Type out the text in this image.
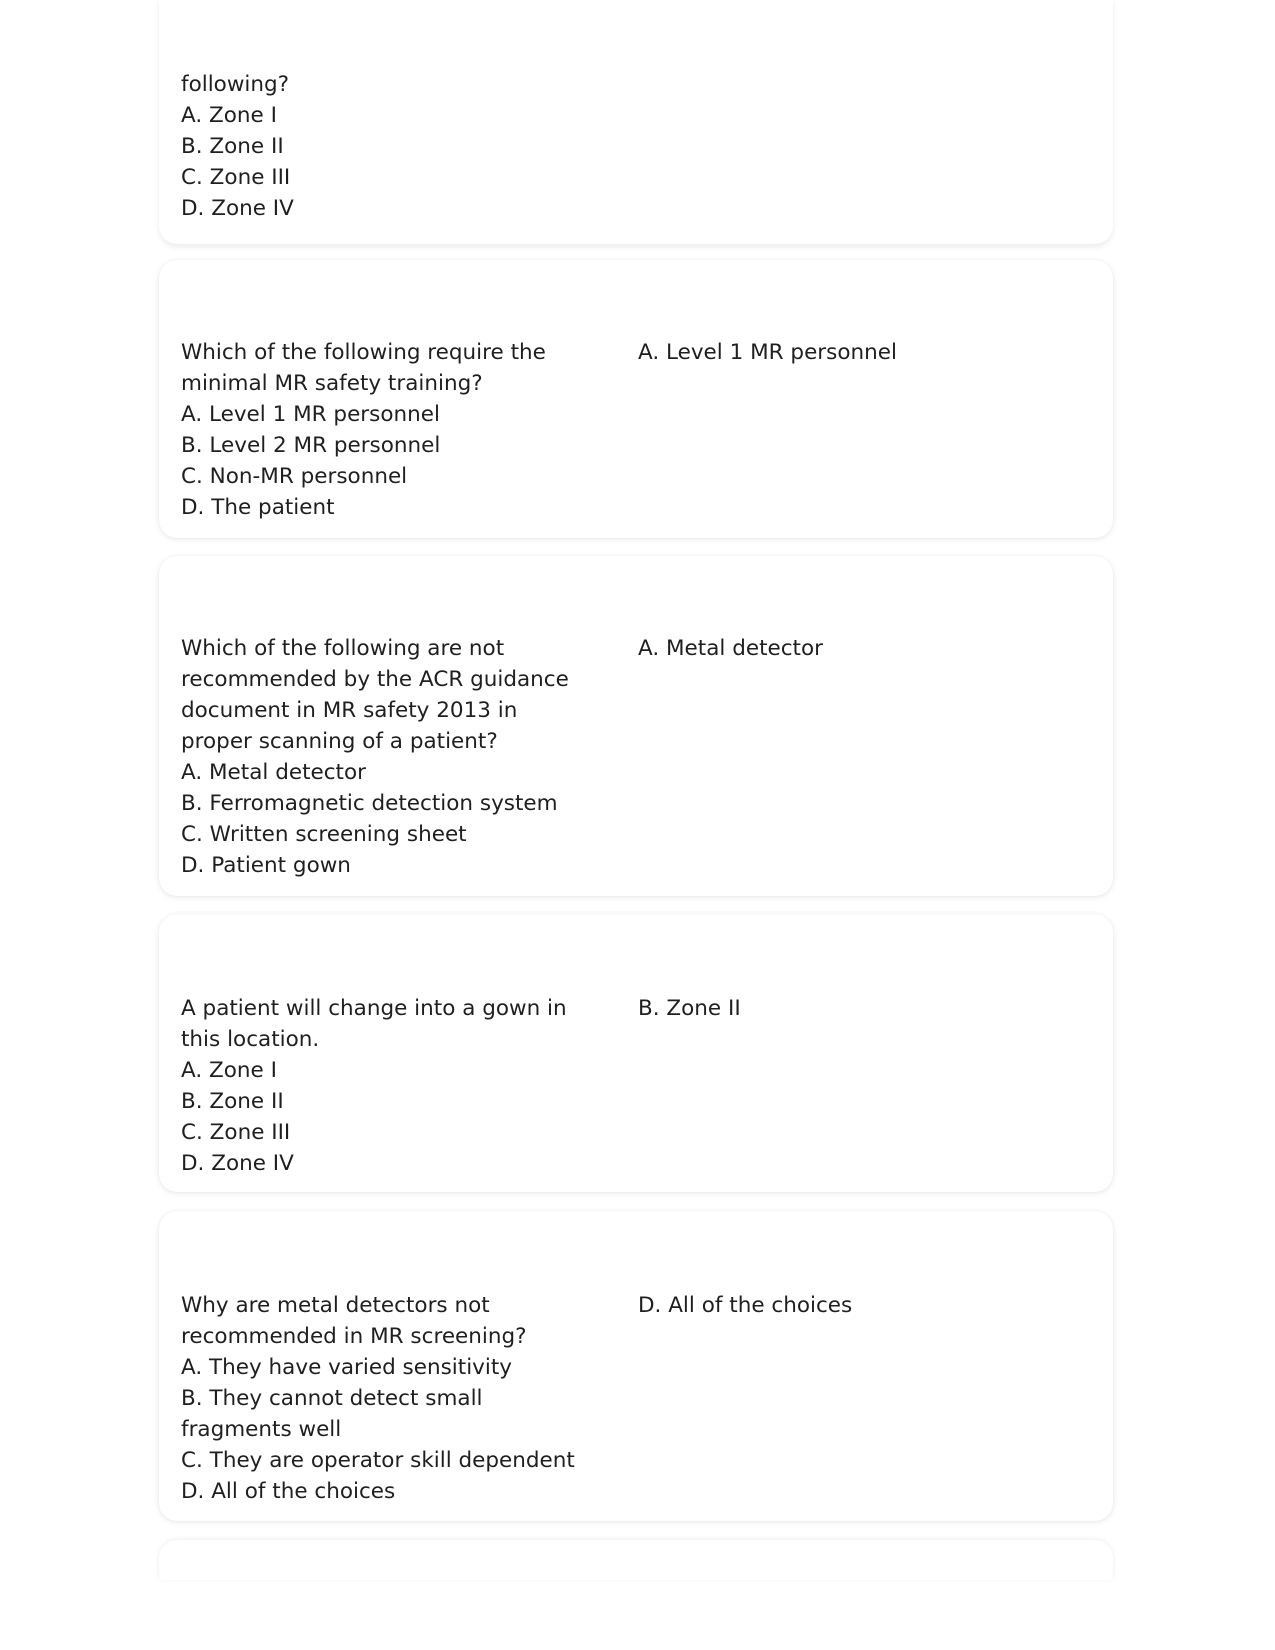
following?
A. Zone I
B. Zone II
C. Zone III
D. Zone IV
Which of the following require the minimal MR safety training?
A. Level 1 MR personnel
B. Level 2 MR personnel
C. Non-MR personnel
D. The patient
A. Level 1 MR personnel
Which of the following are not recommended by the ACR guidance document in MR safety 2013 in proper scanning of a patient?
A. Metal detector
B. Ferromagnetic detection system
C. Written screening sheet
D. Patient gown
A. Metal detector
A patient will change into a gown in this location.
A. Zone I
B. Zone II
C. Zone III
D. Zone IV
B. Zone II
Why are metal detectors not recommended in MR screening?
A. They have varied sensitivity
B. They cannot detect small fragments well
C. They are operator skill dependent
D. All of the choices
D. All of the choices
